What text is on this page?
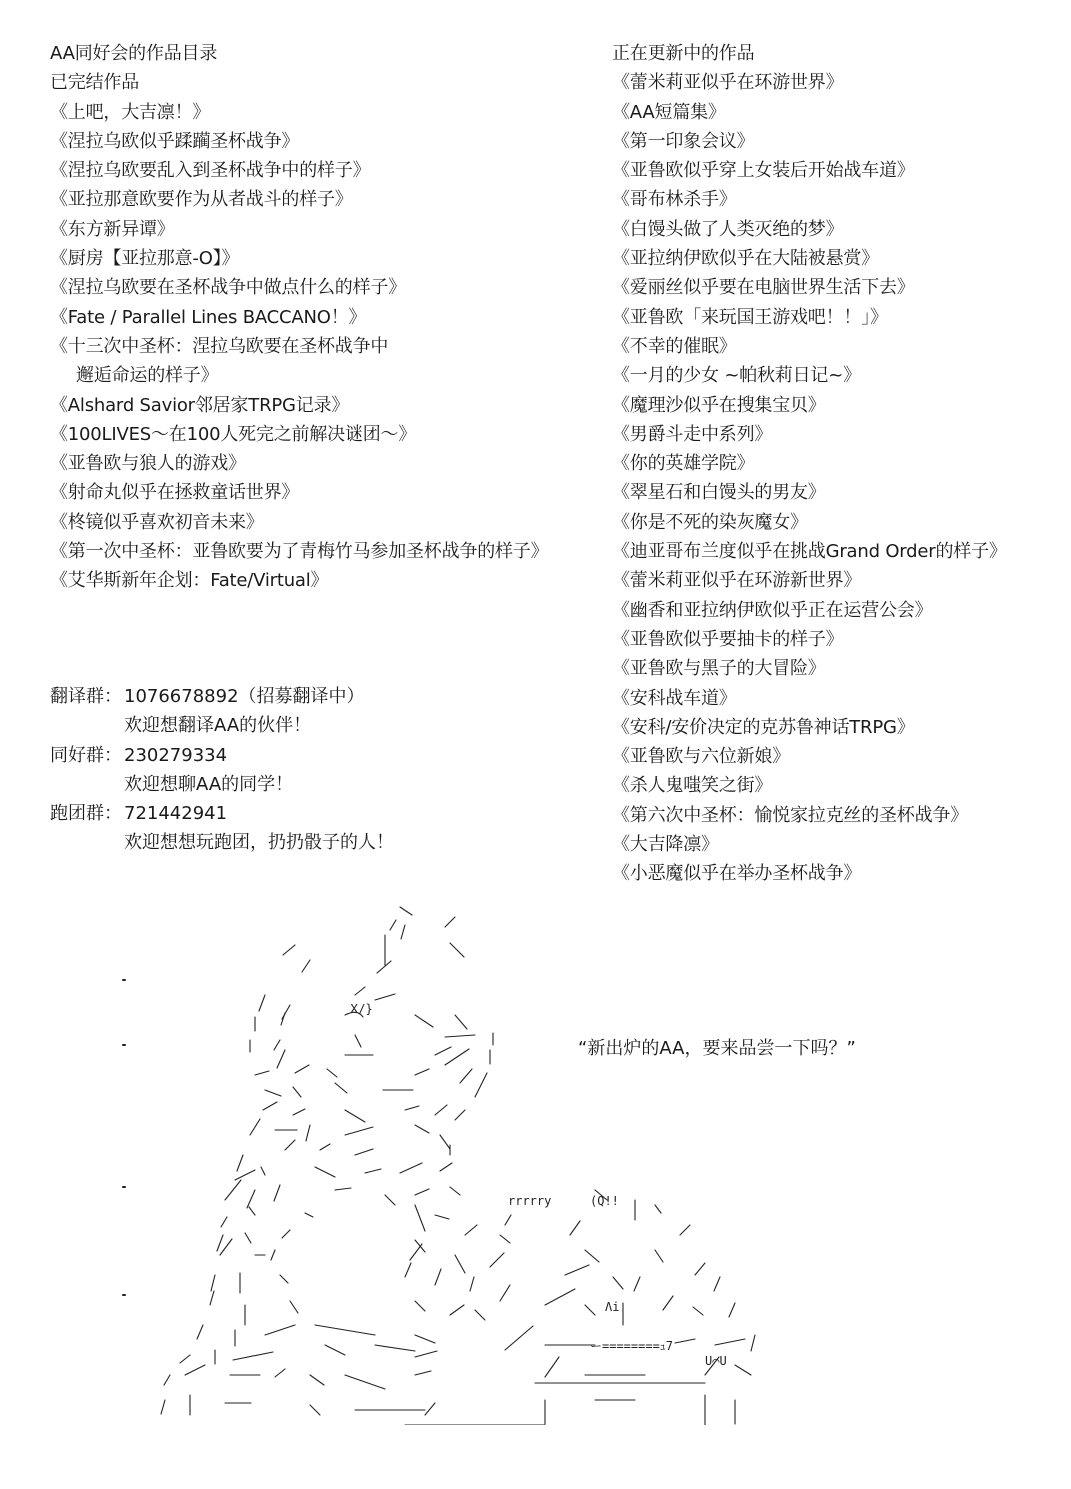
AA同好会的作品目录
已完结作品
《上吧，大吉凛！》
《涅拉乌欧似乎蹂躏圣杯战争》
《涅拉乌欧要乱入到圣杯战争中的样子》
《亚拉那意欧要作为从者战斗的样子》
《东方新异谭》
《厨房【亚拉那意-O】》
《涅拉乌欧要在圣杯战争中做点什么的样子》
《Fate / Parallel Lines BACCANO！》
《十三次中圣杯：涅拉乌欧要在圣杯战争中
邂逅命运的样子》
《Alshard Savior邻居家TRPG记录》
《100LIVES～在100人死完之前解决谜团～》
《亚鲁欧与狼人的游戏》
《射命丸似乎在拯救童话世界》
《柊镜似乎喜欢初音未来》
《第一次中圣杯：亚鲁欧要为了青梅竹马参加圣杯战争的样子》
《艾华斯新年企划：Fate/Virtual》
正在更新中的作品
《蕾米莉亚似乎在环游世界》
《AA短篇集》
《第一印象会议》
《亚鲁欧似乎穿上女装后开始战车道》
《哥布林杀手》
《白馒头做了人类灭绝的梦》
《亚拉纳伊欧似乎在大陆被悬赏》
《爱丽丝似乎要在电脑世界生活下去》
《亚鲁欧「来玩国王游戏吧！！」》
《不幸的催眠》
《一月的少女 ~帕秋莉日记~》
《魔理沙似乎在搜集宝贝》
《男爵斗走中系列》
《你的英雄学院》
《翠星石和白馒头的男友》
《你是不死的染灰魔女》
《迪亚哥布兰度似乎在挑战Grand Order的样子》
《蕾米莉亚似乎在环游新世界》
《幽香和亚拉纳伊欧似乎正在运营公会》
《亚鲁欧似乎要抽卡的样子》
《亚鲁欧与黑子的大冒险》
《安科战车道》
《安科/安价决定的克苏鲁神话TRPG》
《亚鲁欧与六位新娘》
《杀人鬼嗤笑之街》
《第六次中圣杯：愉悦家拉克丝的圣杯战争》
《大吉降凛》
《小恶魔似乎在举办圣杯战争》
翻译群： 1076678892（招募翻译中）
欢迎想翻译AA的伙伴！
同好群： 230279334
欢迎想聊AA的同学！
跑团群： 721442941
欢迎想想玩跑团，扔扔骰子的人！
“新出炉的AA，要来品尝一下吗？”
Ⅹ/}
rrrrry	(Q!!
Λi
U⌒U
ー========ｭ7
